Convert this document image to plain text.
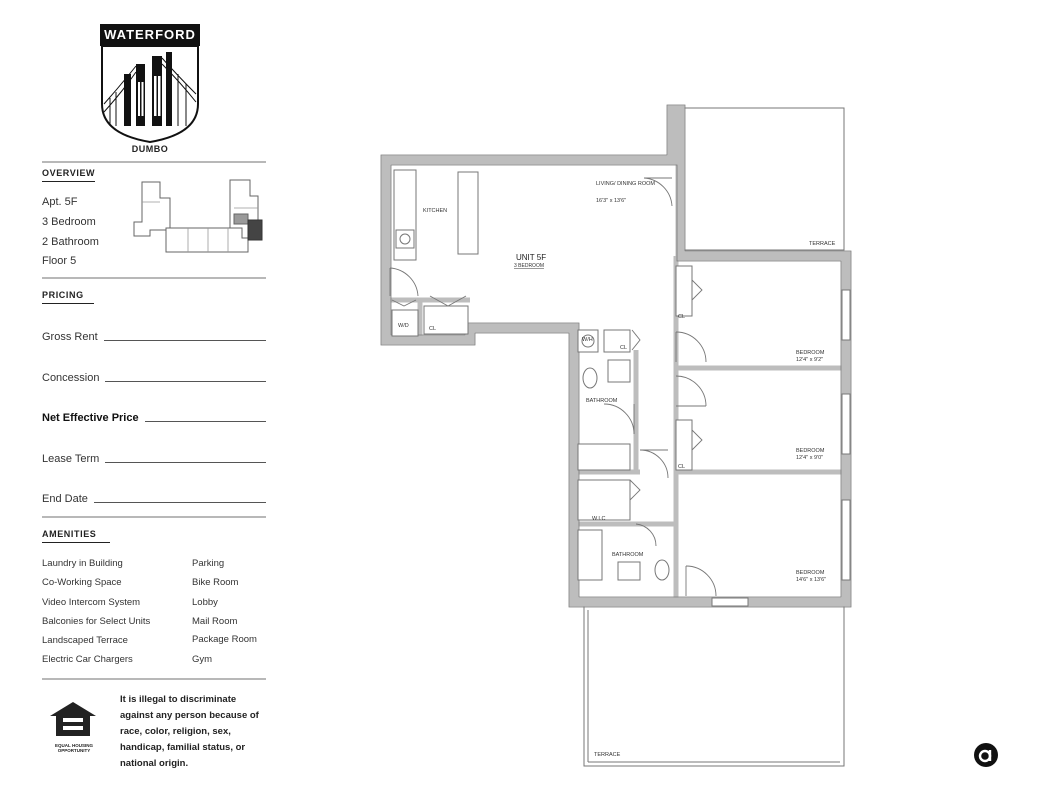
WATERFORD
DUMBO
OVERVIEW
Apt. 5F
3 Bedroom
2 Bathroom
Floor 5
PRICING
Gross Rent
Concession
Net Effective Price
Lease Term
End Date
AMENITIES
Laundry in Building
Co-Working Space
Video Intercom System
Balconies for Select Units
Landscaped Terrace
Electric Car Chargers
Parking
Bike Room
Lobby
Mail Room
Package Room
Gym
EQUAL HOUSING OPPORTUNITY
It is illegal to discriminate against any person because of race, color, religion, sex, handicap, familial status, or national origin.
KITCHEN
LIVING/ DINING ROOM
16'3" x 13'6"
TERRACE
TERRACE
BEDROOM
12'4" x 9'2"
BEDROOM
12'4" x 9'0"
BEDROOM
14'6" x 13'6"
BATHROOM
BATHROOM
W/D
W/H
W.I.C
CL
CL
CL
CL
UNIT 5F
3 BEDROOM
